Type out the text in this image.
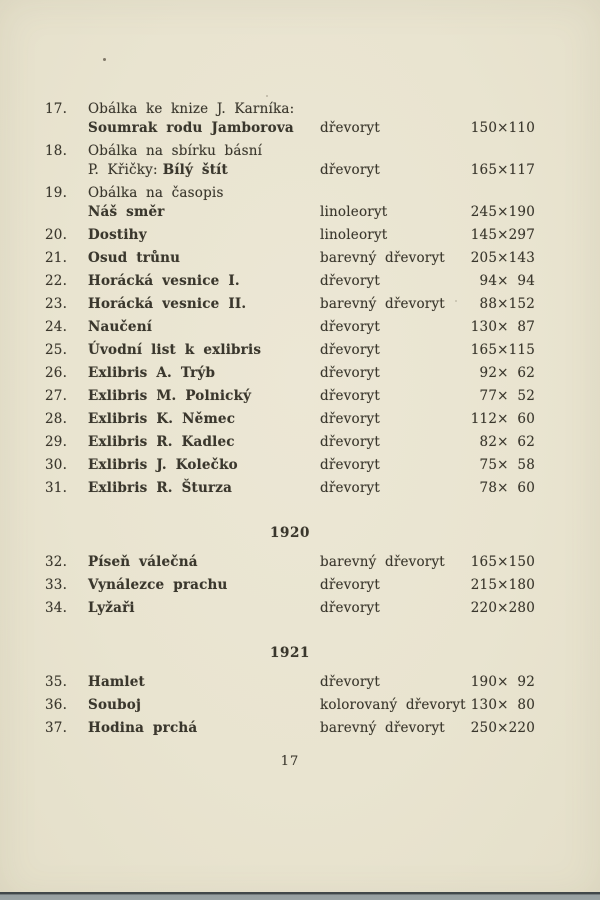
17.	Obálka ke knize J. Karníka:
Soumrak rodu Jamborova	dřevoryt	150×110
18.	Obálka na sbírku básní
P. Křičky: Bílý štít	dřevoryt	165×117
19.	Obálka na časopis
Náš směr	linoleoryt	245×190
20.	Dostihy	linoleoryt	145×297
21.	Osud trůnu	barevný dřevoryt	205×143
22.	Horácká vesnice I.	dřevoryt	94× 94
23.	Horácká vesnice II.	barevný dřevoryt	88×152
24.	Naučení	dřevoryt	130× 87
25.	Úvodní list k exlibris	dřevoryt	165×115
26.	Exlibris A. Trýb	dřevoryt	92× 62
27.	Exlibris M. Polnický	dřevoryt	77× 52
28.	Exlibris K. Němec	dřevoryt	112× 60
29.	Exlibris R. Kadlec	dřevoryt	82× 62
30.	Exlibris J. Kolečko	dřevoryt	75× 58
31.	Exlibris R. Šturza	dřevoryt	78× 60
1920
32.	Píseň válečná	barevný dřevoryt	165×150
33.	Vynálezce prachu	dřevoryt	215×180
34.	Lyžaři	dřevoryt	220×280
1921
35.	Hamlet	dřevoryt	190× 92
36.	Souboj	kolorovaný dřevoryt 130× 80
37.	Hodina prchá	barevný dřevoryt	250×220
17
